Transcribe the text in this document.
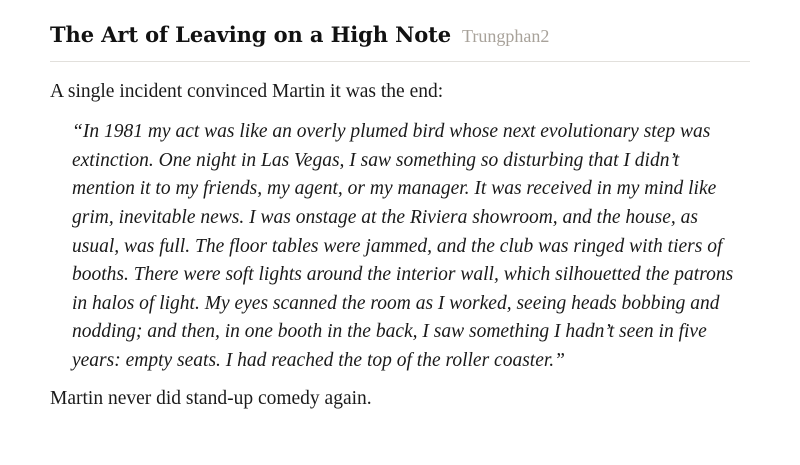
The Art of Leaving on a High Note Trungphan2

A single incident convinced Martin it was the end:

“In 1981 my act was like an overly plumed bird whose next evolutionary step was extinction. One night in Las Vegas, I saw something so disturbing that I didn’t mention it to my friends, my agent, or my manager. It was received in my mind like grim, inevitable news. I was onstage at the Riviera showroom, and the house, as usual, was full. The floor tables were jammed, and the club was ringed with tiers of booths. There were soft lights around the interior wall, which silhouetted the patrons in halos of light. My eyes scanned the room as I worked, seeing heads bobbing and nodding; and then, in one booth in the back, I saw something I hadn’t seen in five years: empty seats. I had reached the top of the roller coaster.”

Martin never did stand-up comedy again.
